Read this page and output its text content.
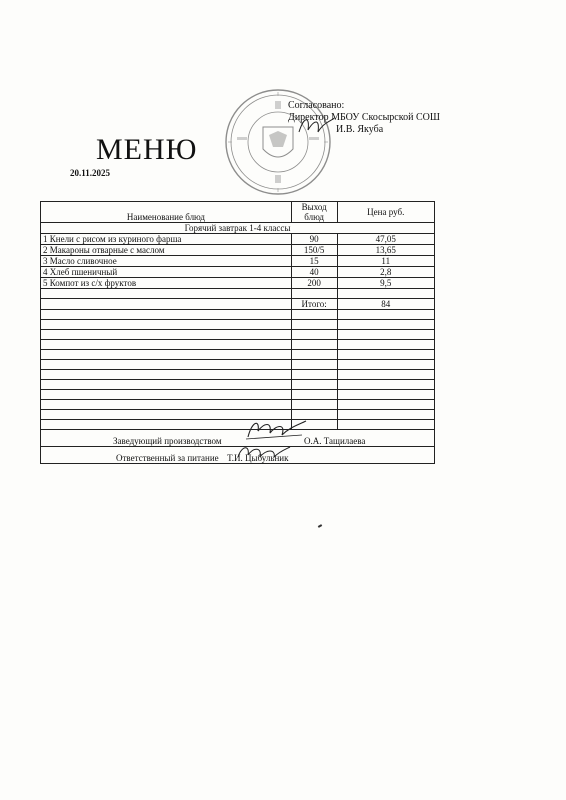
Согласовано:
Директор МБОУ Скосырской СОШ
И.В. Якуба
МЕНЮ
20.11.2025
Наименование блюд	Выход блюд	Цена руб.
Горячий завтрак 1-4 классы		
1 Кнели с рисом из куриного фарша	90	47,05
2 Макароны отварные с маслом	150/5	13,65
3 Масло сливочное	15	11
4 Хлеб пшеничный	40	2,8
5 Компот из с/х фруктов	200	9,5

	Итого:	84

Заведующий производством О.А. Тащилаева		
Ответственный за питание Т.И. Цыбульник		
